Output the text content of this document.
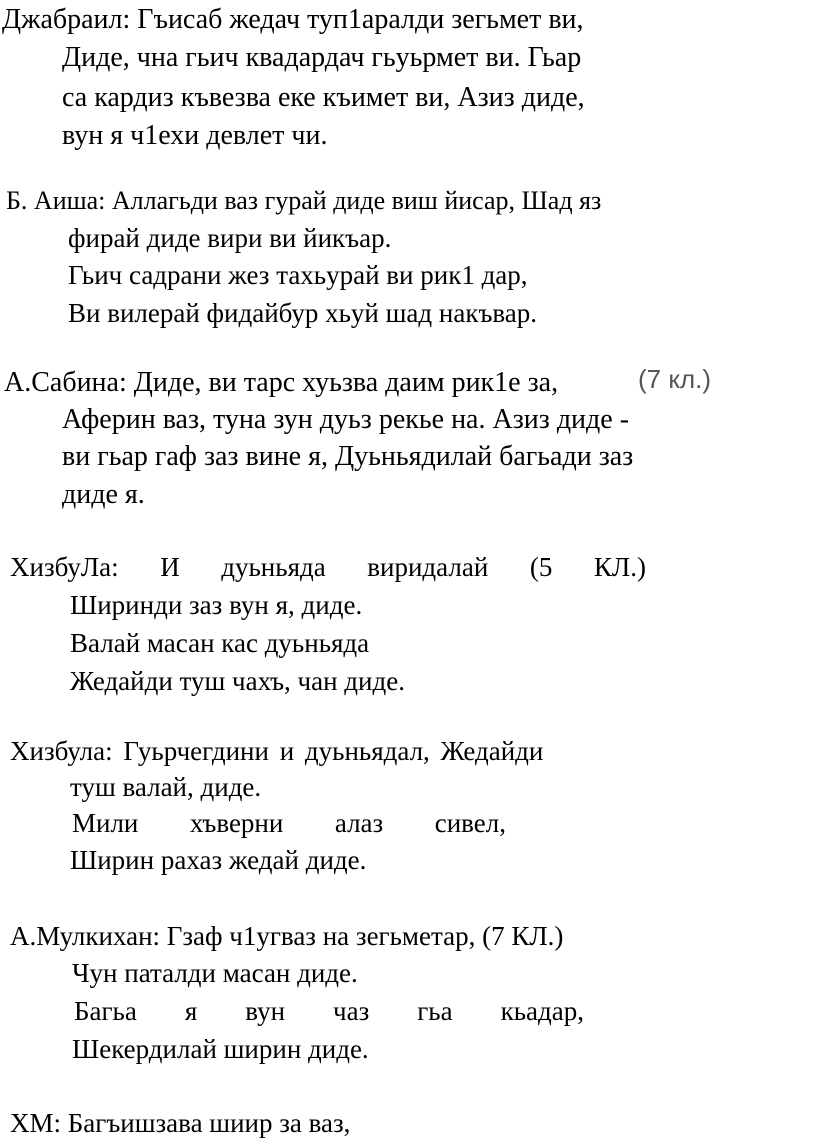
Джабраил: Гъисаб жедач туп1аралди зегьмет ви,
Диде, чна гьич квадардач гьуьрмет ви. Гьар
са кардиз къвезва еке къимет ви, Азиз диде,
вун я ч1ехи девлет чи.
Б. Аиша: Аллагьди ваз гурай диде виш йисар, Шад яз
фирай диде вири ви йикъар.
Гьич садрани жез тахьурай ви рик1 дар,
Ви вилерай фидайбур хьуй шад накъвар.
А.Сабина: Диде, ви тарс хуьзва даим рик1е за,	(7 кл.)
Аферин ваз, туна зун дуьз рекье на. Азиз диде -
ви гьар гаф заз вине я, Дуьньядилай багьади заз
диде я.
ХизбуЛа: И дуьньяда виридалай (5 КЛ.)
Ширинди заз вун я, диде.
Валай масан кас дуьньяда
Жедайди туш чахъ, чан диде.
Хизбула: Гуьрчегдини и дуьньядал, Жедайди
туш валай, диде.
Мили хъверни алаз сивел,
Ширин рахаз жедай диде.
А.Мулкихан: Гзаф ч1угваз на зегьметар, (7 КЛ.)
Чун паталди масан диде.
Багьа я вун чаз гьа кьадар,
Шекердилай ширин диде.
ХМ: Багъишзава шиир за ваз,
